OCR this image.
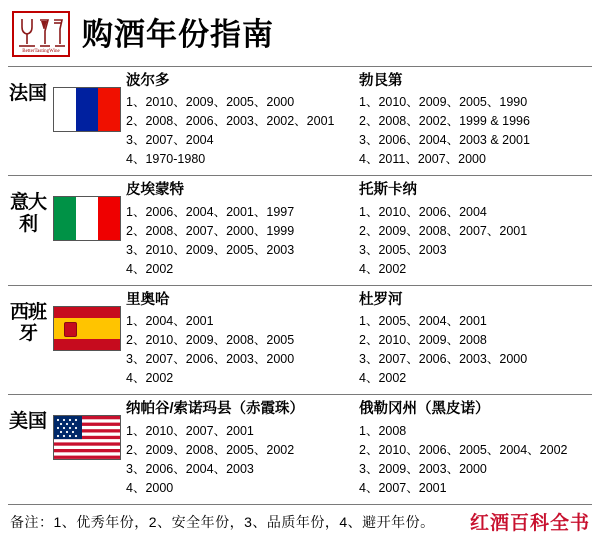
BetterTastingWine 购酒年份指南
法国
波尔多
1、2010、2009、2005、2000
2、2008、2006、2003、2002、2001
3、2007、2004
4、1970-1980
勃艮第
1、2010、2009、2005、1990
2、2008、2002、1999 & 1996
3、2006、2004、2003 & 2001
4、2011、2007、2000
意大利
皮埃蒙特
1、2006、2004、2001、1997
2、2008、2007、2000、1999
3、2010、2009、2005、2003
4、2002
托斯卡纳
1、2010、2006、2004
2、2009、2008、2007、2001
3、2005、2003
4、2002
西班牙
里奥哈
1、2004、2001
2、2010、2009、2008、2005
3、2007、2006、2003、2000
4、2002
杜罗河
1、2005、2004、2001
2、2010、2009、2008
3、2007、2006、2003、2000
4、2002
美国
纳帕谷/索诺玛县（赤霞珠）
1、2010、2007、2001
2、2009、2008、2005、2002
3、2006、2004、2003
4、2000
俄勒冈州（黑皮诺）
1、2008
2、2010、2006、2005、2004、2002
3、2009、2003、2000
4、2007、2001
备注：1、优秀年份，2、安全年份，3、品质年份，4、避开年份。	红酒百科全书
